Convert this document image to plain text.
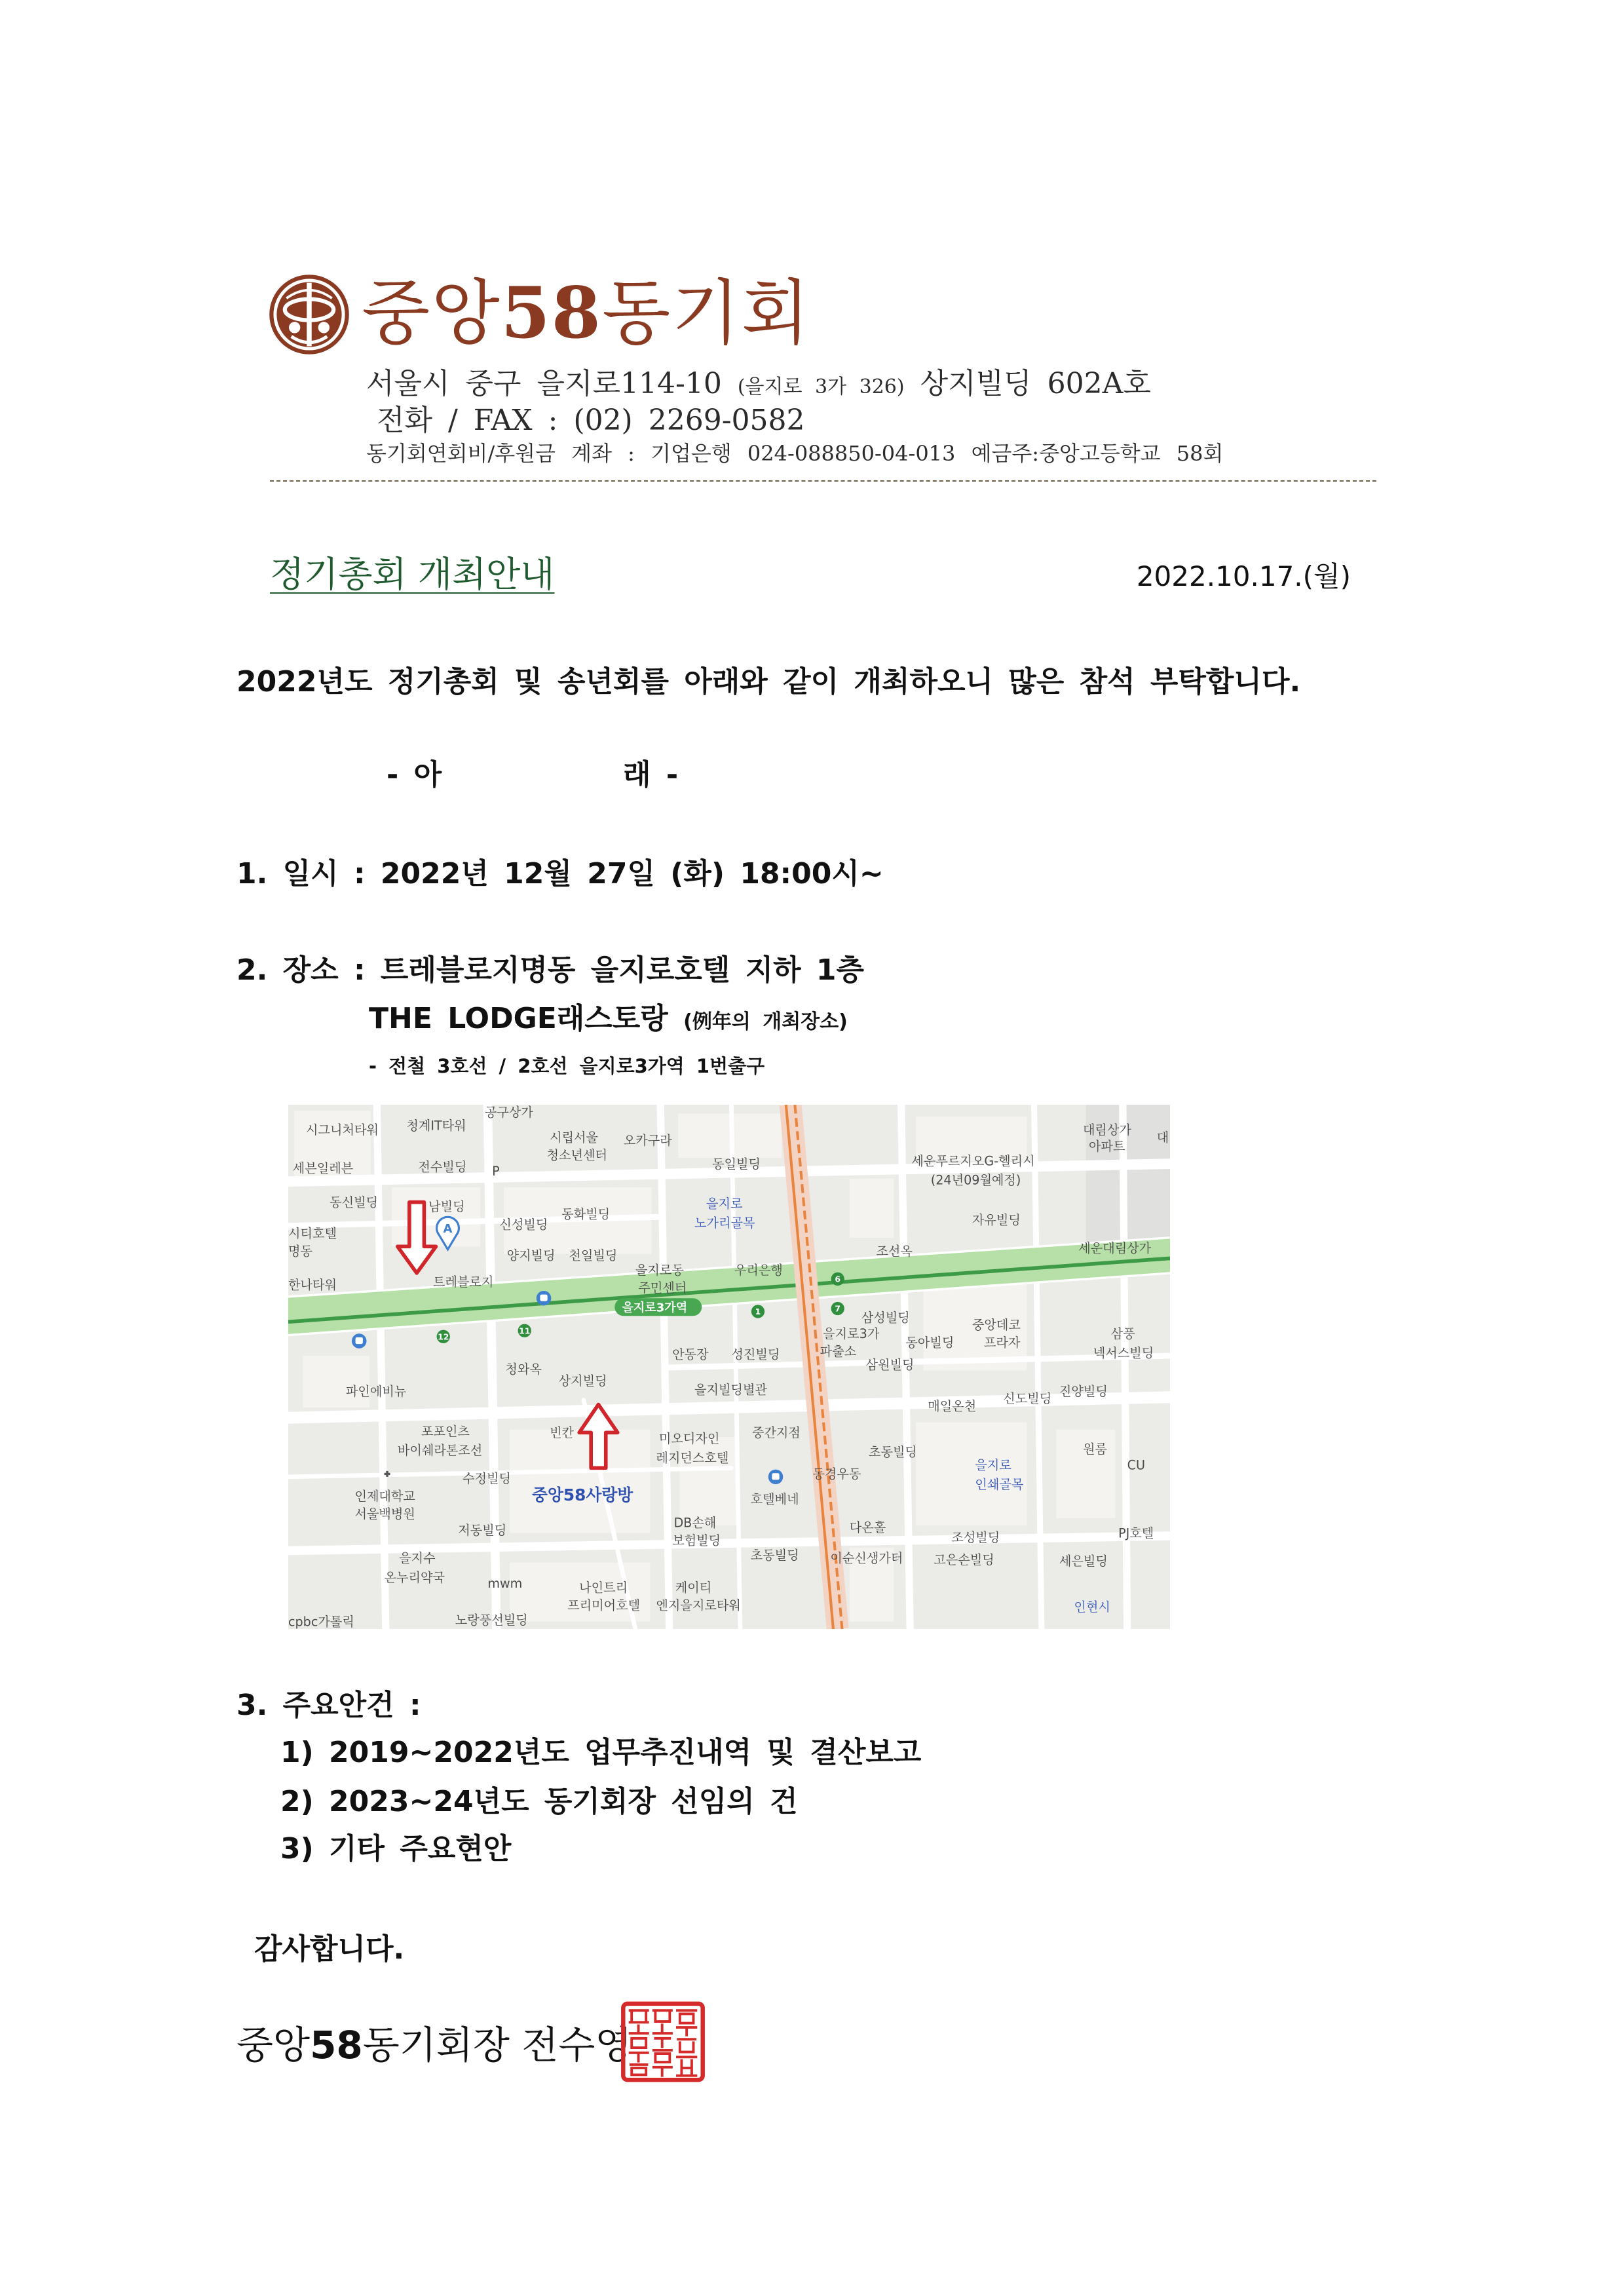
중앙58동기회
서울시 중구 을지로114-10 (을지로 3가 326) 상지빌딩 602A호
전화 / FAX : (02) 2269-0582
동기회연회비/후원금 계좌 : 기업은행 024-088850-04-013 예금주:중앙고등학교 58회
정기총회 개최안내	2022.10.17.(월)
2022년도 정기총회 및 송년회를 아래와 같이 개최하오니 많은 참석 부탁합니다.
- 아	래 -
1. 일시 : 2022년 12월 27일 (화) 18:00시~
2. 장소 : 트레블로지명동 을지로호텔 지하 1층
THE LODGE래스토랑 (例年의 개최장소)
- 전철 3호선 / 2호선 을지로3가역 1번출구
A
시그니처타워	청계IT타워
공구상가
시립서울
청소년센터
오카구라
동일빌딩	세운푸르지오G-헬리시
(24년09월예정)
대림상가
아파트
대
세븐일레븐	전수빌딩	P
동신빌딩	남빌딩	을지로
노가리골목	자유빌딩
시티호텔
명동
신성빌딩
동화빌딩
조선옥	세운대림상가
양지빌딩 천일빌딩
을지로동
주민센터
우리은행
한나타워	트레블로지
을지로3가역
삼성빌딩	중앙데코
동아빌딩	프라자
삼풍
넥서스빌딩
을지로3가
파출소
삼원빌딩
안동장	성진빌딩
청와옥
상지빌딩
을지빌딩별관
파인에비뉴
매일온천	신도빌딩 진양빌딩
빈칸	미오디자인
레지던스호텔
중간지점
포포인츠
바이쉐라톤조선	원룸
초동빌딩
을지로
인쇄골목
CU
수정빌딩	동경우동
중앙58사랑방
인제대학교
서울백병원
호텔베네
다온홀
DB손해
보험빌딩
저동빌딩	PJ호텔
조성빌딩
초동빌딩	이순신생가터	고은손빌딩	세은빌딩
을지수
온누리약국	mwm	나인트리
프리미어호텔
케이티
엔지을지로타워	인현시
cpbc가톨릭	노랑풍선빌딩
12
11
1
6
7
3. 주요안건 :
1) 2019~2022년도 업무추진내역 및 결산보고
2) 2023~24년도 동기회장 선임의 건
3) 기타 주요현안
감사합니다.
중앙58동기회장 전수영
